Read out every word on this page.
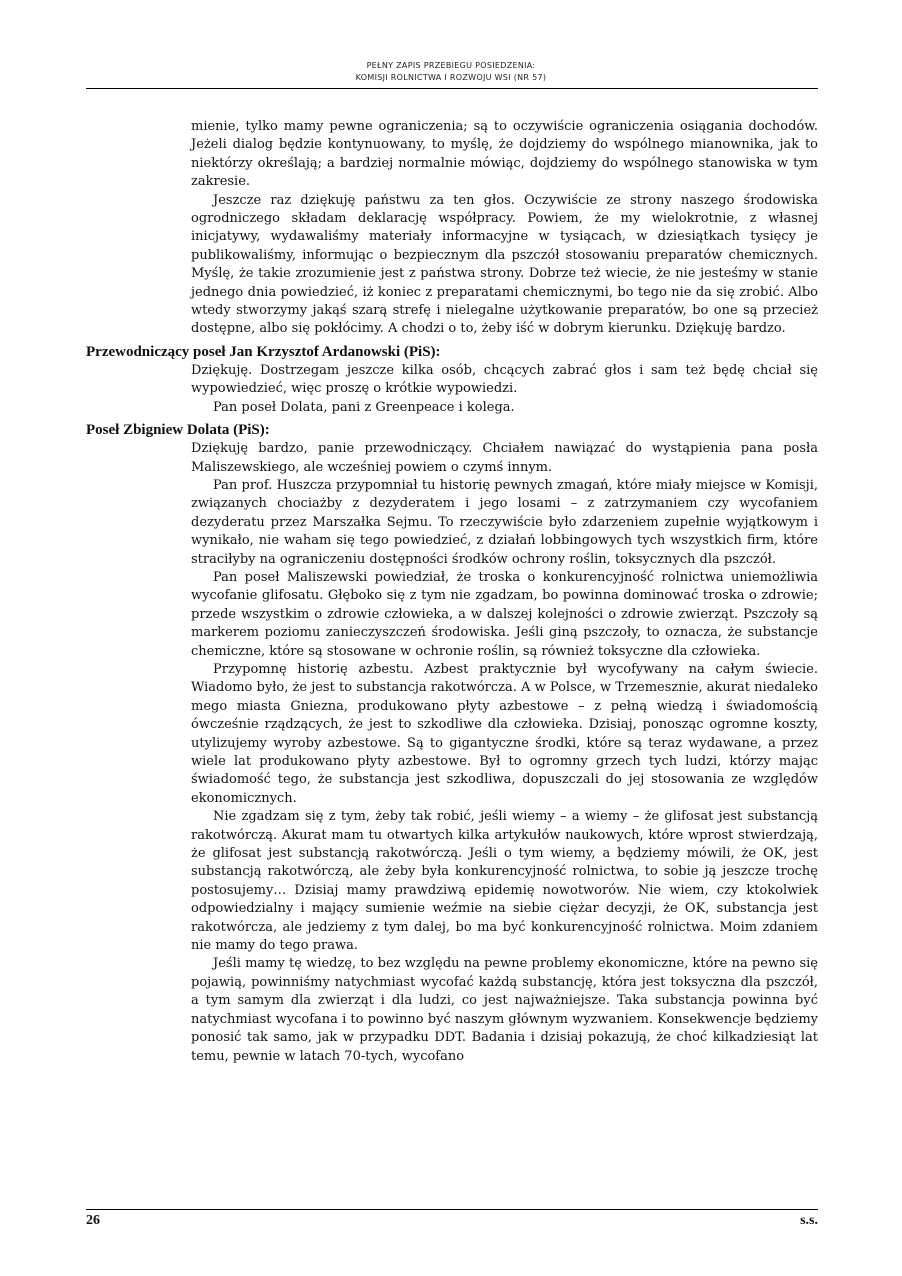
PEŁNY ZAPIS PRZEBIEGU POSIEDZENIA:
KOMISJI ROLNICTWA I ROZWOJU WSI (NR 57)

mienie, tylko mamy pewne ograniczenia; są to oczywiście ograniczenia osiągania dochodów. Jeżeli dialog będzie kontynuowany, to myślę, że dojdziemy do wspólnego mianownika, jak to niektórzy określają; a bardziej normalnie mówiąc, dojdziemy do wspólnego stanowiska w tym zakresie.

Jeszcze raz dziękuję państwu za ten głos. Oczywiście ze strony naszego środowiska ogrodniczego składam deklarację współpracy. Powiem, że my wielokrotnie, z własnej inicjatywy, wydawaliśmy materiały informacyjne w tysiącach, w dziesiątkach tysięcy je publikowaliśmy, informując o bezpiecznym dla pszczół stosowaniu preparatów chemicznych. Myślę, że takie zrozumienie jest z państwa strony. Dobrze też wiecie, że nie jesteśmy w stanie jednego dnia powiedzieć, iż koniec z preparatami chemicznymi, bo tego nie da się zrobić. Albo wtedy stworzymy jakąś szarą strefę i nielegalne użytkowanie preparatów, bo one są przecież dostępne, albo się pokłócimy. A chodzi o to, żeby iść w dobrym kierunku. Dziękuję bardzo.

Przewodniczący poseł Jan Krzysztof Ardanowski (PiS):

Dziękuję. Dostrzegam jeszcze kilka osób, chcących zabrać głos i sam też będę chciał się wypowiedzieć, więc proszę o krótkie wypowiedzi.

Pan poseł Dolata, pani z Greenpeace i kolega.

Poseł Zbigniew Dolata (PiS):

Dziękuję bardzo, panie przewodniczący. Chciałem nawiązać do wystąpienia pana posła Maliszewskiego, ale wcześniej powiem o czymś innym.

Pan prof. Huszcza przypomniał tu historię pewnych zmagań, które miały miejsce w Komisji, związanych chociażby z dezyderatem i jego losami – z zatrzymaniem czy wycofaniem dezyderatu przez Marszałka Sejmu. To rzeczywiście było zdarzeniem zupełnie wyjątkowym i wynikało, nie waham się tego powiedzieć, z działań lobbingowych tych wszystkich firm, które straciłyby na ograniczeniu dostępności środków ochrony roślin, toksycznych dla pszczół.

Pan poseł Maliszewski powiedział, że troska o konkurencyjność rolnictwa uniemożliwia wycofanie glifosatu. Głęboko się z tym nie zgadzam, bo powinna dominować troska o zdrowie; przede wszystkim o zdrowie człowieka, a w dalszej kolejności o zdrowie zwierząt. Pszczoły są markerem poziomu zanieczyszczeń środowiska. Jeśli giną pszczoły, to oznacza, że substancje chemiczne, które są stosowane w ochronie roślin, są również toksyczne dla człowieka.

Przypomnę historię azbestu. Azbest praktycznie był wycofywany na całym świecie. Wiadomo było, że jest to substancja rakotwórcza. A w Polsce, w Trzemesznie, akurat niedaleko mego miasta Gniezna, produkowano płyty azbestowe – z pełną wiedzą i świadomością ówcześnie rządzących, że jest to szkodliwe dla człowieka. Dzisiaj, ponosząc ogromne koszty, utylizujemy wyroby azbestowe. Są to gigantyczne środki, które są teraz wydawane, a przez wiele lat produkowano płyty azbestowe. Był to ogromny grzech tych ludzi, którzy mając świadomość tego, że substancja jest szkodliwa, dopuszczali do jej stosowania ze względów ekonomicznych.

Nie zgadzam się z tym, żeby tak robić, jeśli wiemy – a wiemy – że glifosat jest substancją rakotwórczą. Akurat mam tu otwartych kilka artykułów naukowych, które wprost stwierdzają, że glifosat jest substancją rakotwórczą. Jeśli o tym wiemy, a będziemy mówili, że OK, jest substancją rakotwórczą, ale żeby była konkurencyjność rolnictwa, to sobie ją jeszcze trochę postosujemy… Dzisiaj mamy prawdziwą epidemię nowotworów. Nie wiem, czy ktokolwiek odpowiedzialny i mający sumienie weźmie na siebie ciężar decyzji, że OK, substancja jest rakotwórcza, ale jedziemy z tym dalej, bo ma być konkurencyjność rolnictwa. Moim zdaniem nie mamy do tego prawa.

Jeśli mamy tę wiedzę, to bez względu na pewne problemy ekonomiczne, które na pewno się pojawią, powinniśmy natychmiast wycofać każdą substancję, która jest toksyczna dla pszczół, a tym samym dla zwierząt i dla ludzi, co jest najważniejsze. Taka substancja powinna być natychmiast wycofana i to powinno być naszym głównym wyzwaniem. Konsekwencje będziemy ponosić tak samo, jak w przypadku DDT. Badania i dzisiaj pokazują, że choć kilkadziesiąt lat temu, pewnie w latach 70-tych, wycofano

26	s.s.
